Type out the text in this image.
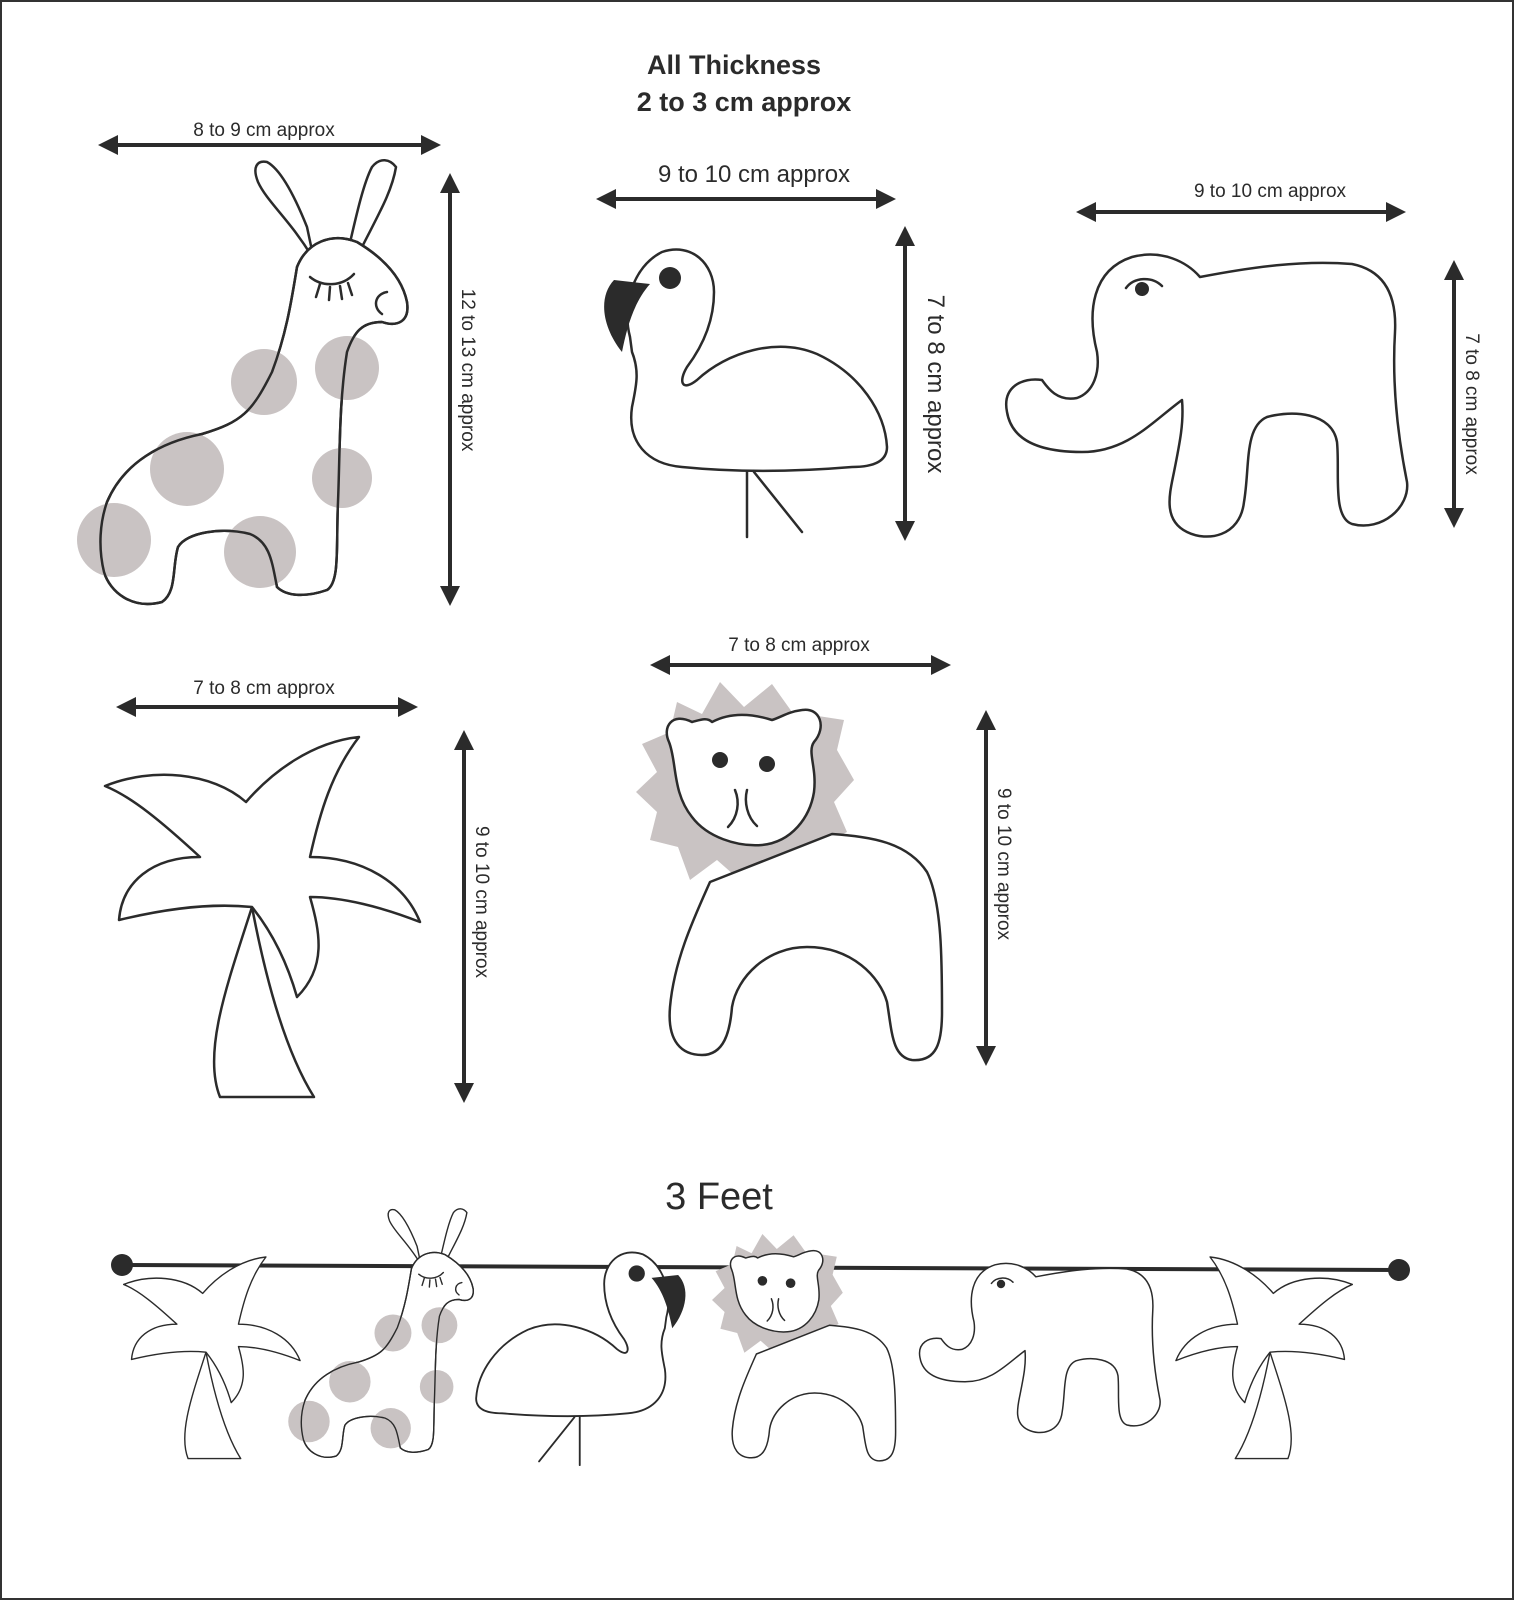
All Thickness
2 to 3 cm approx
8 to 9 cm approx
12 to 13 cm approx
9 to 10 cm approx
7 to 8 cm approx
9 to 10 cm approx
7 to 8 cm approx
7 to 8 cm approx
9 to 10 cm approx
7 to 8 cm approx
9 to 10 cm approx
3 Feet
